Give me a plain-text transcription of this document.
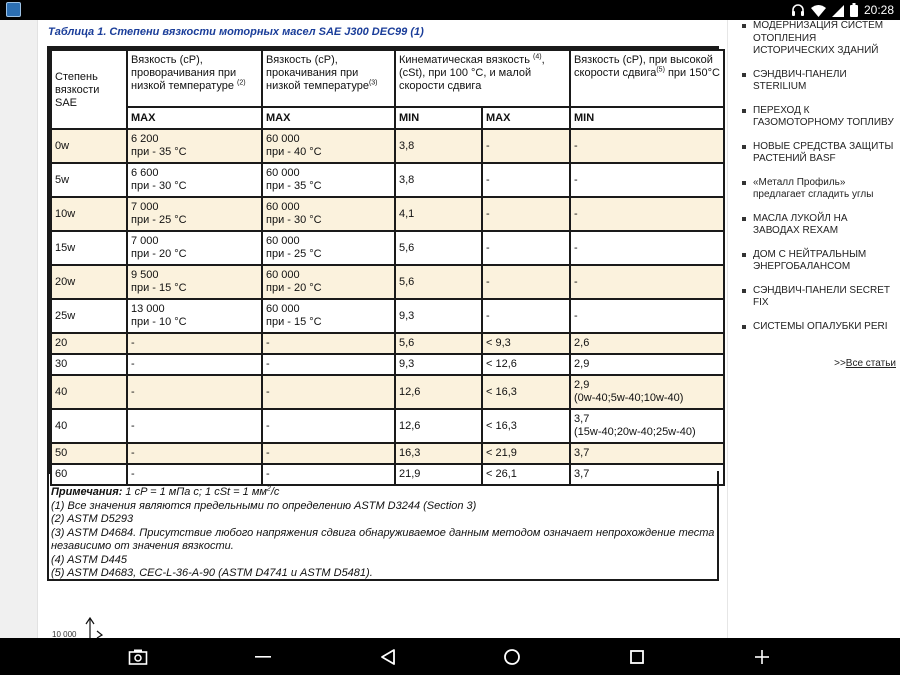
20:28
Таблица 1. Степени вязкости моторных масел SAE J300 DEC99 (1)
Степень
вязкости
SAE	Вязкость (cP), проворачивания при низкой температуре $^{(2)}$	Вязкость (cP), прокачивания при низкой температуре$^{(3)}$	Кинематическая вязкость $^{(4)}$, (cSt), при 100 °С, и малой скорости сдвига		Вязкость (cP), при высокой скорости сдвига$^{(5)}$ при 150°С
	MAX	MAX	MIN	MAX	MIN

0w	6 200
при - 35 °С	60 000
при - 40 °С	3,8	-	-

5w	6 600
при - 30 °С	60 000
при - 35 °С	3,8	-	-

10w	7 000
при - 25 °С	60 000
при - 30 °С	4,1	-	-

15w	7 000
при - 20 °С	60 000
при - 25 °С	5,6	-	-

20w	9 500
при - 15 °С	60 000
при - 20 °С	5,6	-	-

25w	13 000
при - 10 °С	60 000
при - 15 °С	9,3	-	-

20	-	-	5,6	< 9,3	2,6

30	-	-	9,3	< 12,6	2,9

40	-	-	12,6	< 16,3	2,9
(0w-40;5w-40;10w-40)

40	-	-	12,6	< 16,3	3,7
(15w-40;20w-40;25w-40)

50	-	-	16,3	< 21,9	3,7

60	-	-	21,9	< 26,1	3,7
Примечания: 1 cP = 1 мПа с; 1 cSt = 1 $мм^2/с$
(1) Все значения являются предельными по определению ASTM D3244 (Section 3)
(2) ASTM D5293
(3) ASTM D4684. Присутствие любого напряжения сдвига обнаруживаемое данным методом означает непрохождение теста независимо от значения вязкости.
(4) ASTM D445
(5) ASTM D4683, CEC-L-36-A-90 (ASTM D4741 и ASTM D5481).
10 000
МОДЕРНИЗАЦИЯ СИСТЕМ ОТОПЛЕНИЯ ИСТОРИЧЕСКИХ ЗДАНИЙ
СЭНДВИЧ-ПАНЕЛИ STERILIUM
ПЕРЕХОД К ГАЗОМОТОРНОМУ ТОПЛИВУ
НОВЫЕ СРЕДСТВА ЗАЩИТЫ РАСТЕНИЙ BASF
«Металл Профиль» предлагает сгладить углы
МАСЛА ЛУКОЙЛ НА ЗАВОДАХ REXAM
ДОМ С НЕЙТРАЛЬНЫМ ЭНЕРГОБАЛАНСОМ
СЭНДВИЧ-ПАНЕЛИ SECRET FIX
СИСТЕМЫ ОПАЛУБКИ PERI
>>Все статьи
